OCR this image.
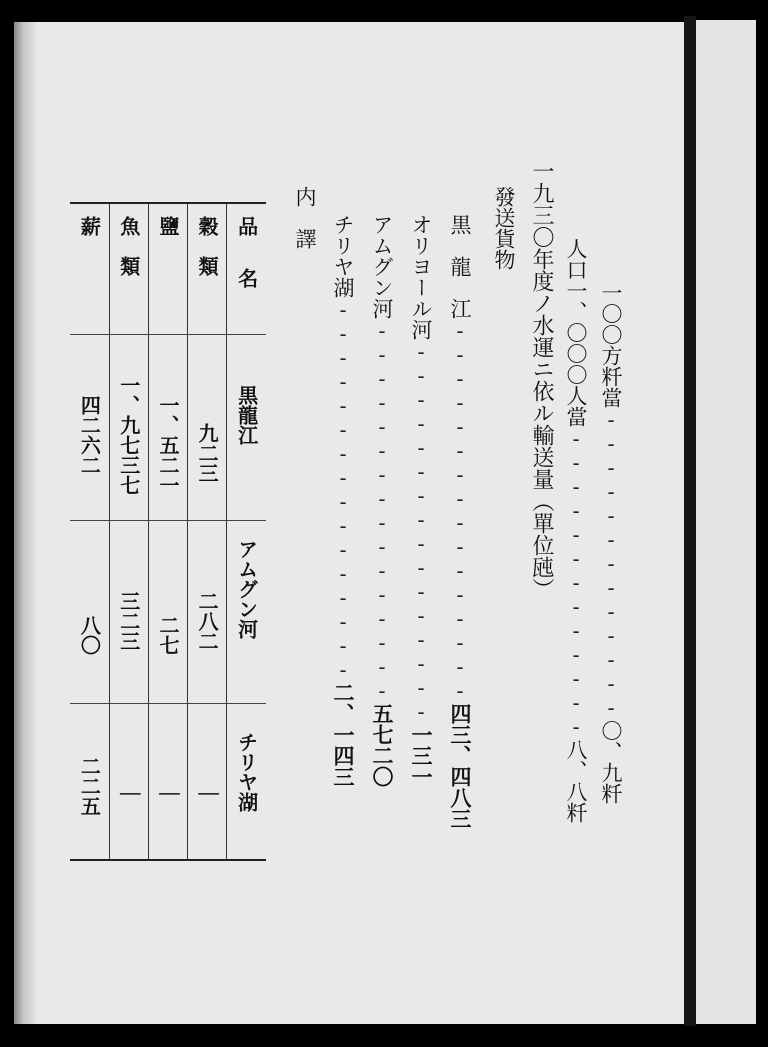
一〇〇方粁當‐‐‐‐‐‐‐‐‐‐‐‐‐〇、九粁
人口一、〇〇〇人當‐‐‐‐‐‐‐‐‐‐‐‐‐八、八粁
一九三〇年度ノ水運ニ依ル輸送量（單位瓲）
發送貨物
黒　龍　江‐‐‐‐‐‐‐‐‐‐‐‐‐‐‐‐四三、四八三
オリヨール河‐‐‐‐‐‐‐‐‐‐‐‐‐‐‐‐一三一
アムグン河‐‐‐‐‐‐‐‐‐‐‐‐‐‐‐‐五七二〇
チリヤ湖‐‐‐‐‐‐‐‐‐‐‐‐‐‐‐‐二、一四三
内　譯
薪	魚　類	鹽	穀　類	品　名

四二六二	一、九七三七	一、五二一	九二三	黒龍江

八〇	三二三	二七	二八二	アムグン河

二二五	｜	｜	｜	チリヤ湖
